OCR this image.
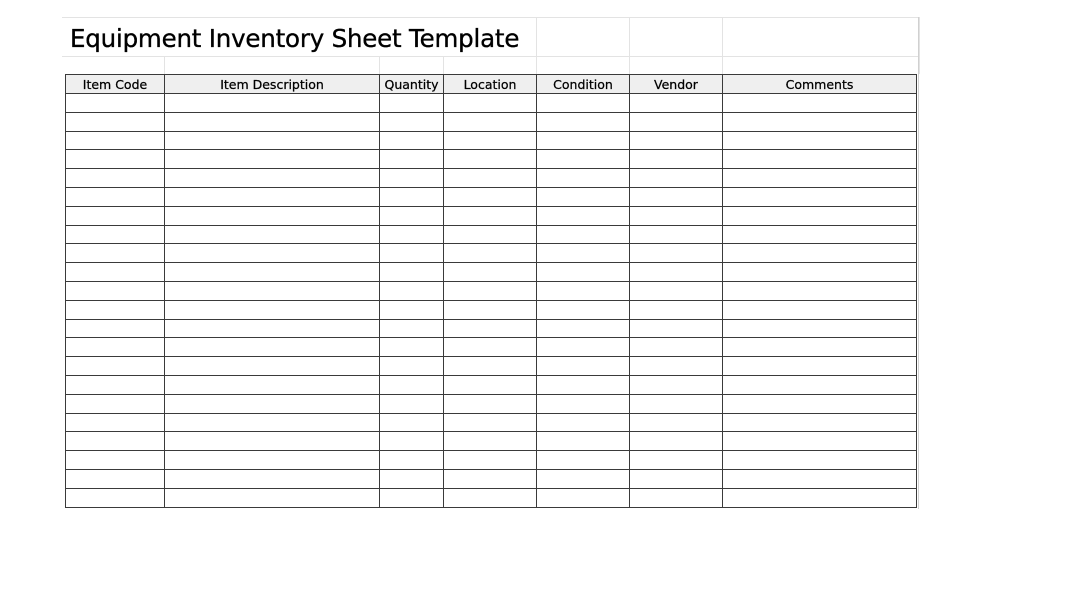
Equipment Inventory Sheet Template
Item Code	Item Description	Quantity	Location	Condition	Vendor	Comments
